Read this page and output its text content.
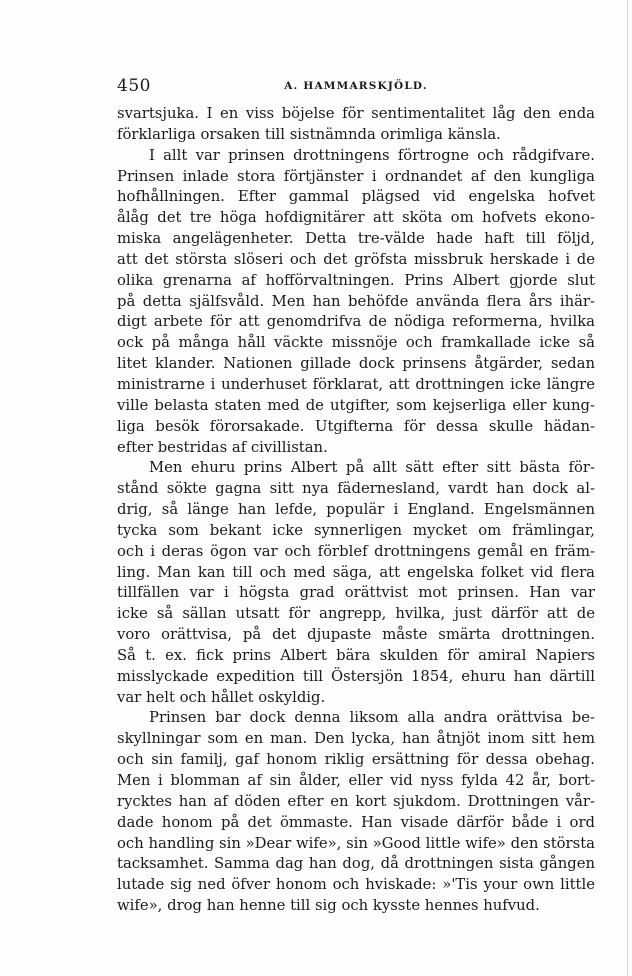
450	A. HAMMARSKJÖLD.

svartsjuka. I en viss böjelse för sentimentalitet låg den enda
förklarliga orsaken till sistnämnda orimliga känsla.

I allt var prinsen drottningens förtrogne och rådgifvare.
Prinsen inlade stora förtjänster i ordnandet af den kungliga
hofhållningen. Efter gammal plägsed vid engelska hofvet
ålåg det tre höga hofdignitärer att sköta om hofvets ekono-
miska angelägenheter. Detta tre-välde hade haft till följd,
att det största slöseri och det gröfsta missbruk herskade i de
olika grenarna af hofförvaltningen. Prins Albert gjorde slut
på detta själfsvåld. Men han behöfde använda flera års ihär-
digt arbete för att genomdrifva de nödiga reformerna, hvilka
ock på många håll väckte missnöje och framkallade icke så
litet klander. Nationen gillade dock prinsens åtgärder, sedan
ministrarne i underhuset förklarat, att drottningen icke längre
ville belasta staten med de utgifter, som kejserliga eller kung-
liga besök förorsakade. Utgifterna för dessa skulle hädan-
efter bestridas af civillistan.

Men ehuru prins Albert på allt sätt efter sitt bästa för-
stånd sökte gagna sitt nya fädernesland, vardt han dock al-
drig, så länge han lefde, populär i England. Engelsmännen
tycka som bekant icke synnerligen mycket om främlingar,
och i deras ögon var och förblef drottningens gemål en främ-
ling. Man kan till och med säga, att engelska folket vid flera
tillfällen var i högsta grad orättvist mot prinsen. Han var
icke så sällan utsatt för angrepp, hvilka, just därför att de
voro orättvisa, på det djupaste måste smärta drottningen.
Så t. ex. fick prins Albert bära skulden för amiral Napiers
misslyckade expedition till Östersjön 1854, ehuru han därtill
var helt och hållet oskyldig.

Prinsen bar dock denna liksom alla andra orättvisa be-
skyllningar som en man. Den lycka, han åtnjöt inom sitt hem
och sin familj, gaf honom riklig ersättning för dessa obehag.
Men i blomman af sin ålder, eller vid nyss fylda 42 år, bort-
rycktes han af döden efter en kort sjukdom. Drottningen vår-
dade honom på det ömmaste. Han visade därför både i ord
och handling sin »Dear wife», sin »Good little wife» den största
tacksamhet. Samma dag han dog, då drottningen sista gången
lutade sig ned öfver honom och hviskade: »'Tis your own little
wife», drog han henne till sig och kysste hennes hufvud.
